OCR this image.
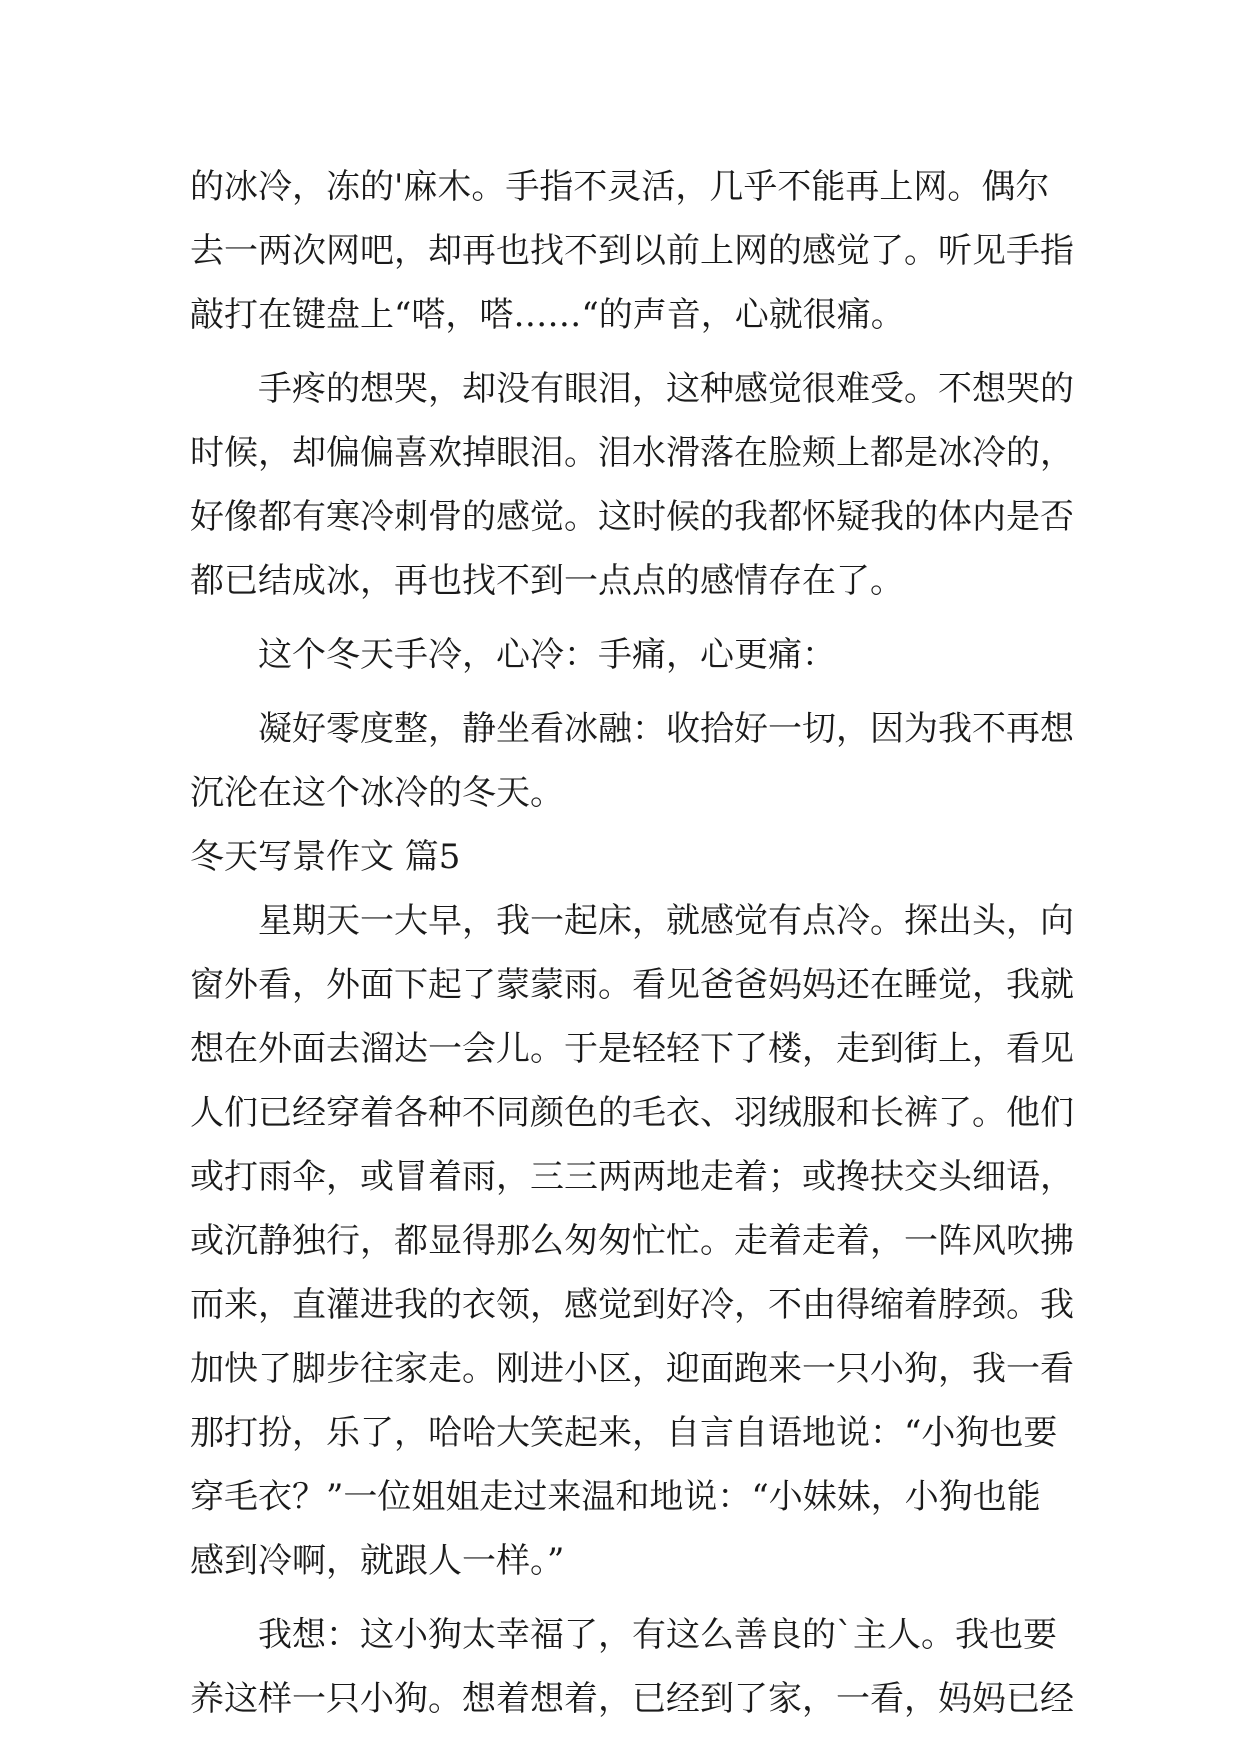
的冰冷，冻的'麻木。手指不灵活，几乎不能再上网。偶尔
去一两次网吧，却再也找不到以前上网的感觉了。听见手指
敲打在键盘上“嗒，嗒……“的声音，心就很痛。
手疼的想哭，却没有眼泪，这种感觉很难受。不想哭的
时候，却偏偏喜欢掉眼泪。泪水滑落在脸颊上都是冰冷的，
好像都有寒冷刺骨的感觉。这时候的我都怀疑我的体内是否
都已结成冰，再也找不到一点点的感情存在了。
这个冬天手冷，心冷：手痛，心更痛：
凝好零度整，静坐看冰融：收拾好一切，因为我不再想
沉沦在这个冰冷的冬天。
冬天写景作文 篇5
星期天一大早，我一起床，就感觉有点冷。探出头，向
窗外看，外面下起了蒙蒙雨。看见爸爸妈妈还在睡觉，我就
想在外面去溜达一会儿。于是轻轻下了楼，走到街上，看见
人们已经穿着各种不同颜色的毛衣、羽绒服和长裤了。他们
或打雨伞，或冒着雨，三三两两地走着；或搀扶交头细语，
或沉静独行，都显得那么匆匆忙忙。走着走着，一阵风吹拂
而来，直灌进我的衣领，感觉到好冷，不由得缩着脖颈。我
加快了脚步往家走。刚进小区，迎面跑来一只小狗，我一看
那打扮，乐了，哈哈大笑起来，自言自语地说：“小狗也要
穿毛衣？”一位姐姐走过来温和地说：“小妹妹，小狗也能
感到冷啊，就跟人一样。”
我想：这小狗太幸福了，有这么善良的`主人。我也要
养这样一只小狗。想着想着，已经到了家，一看，妈妈已经
